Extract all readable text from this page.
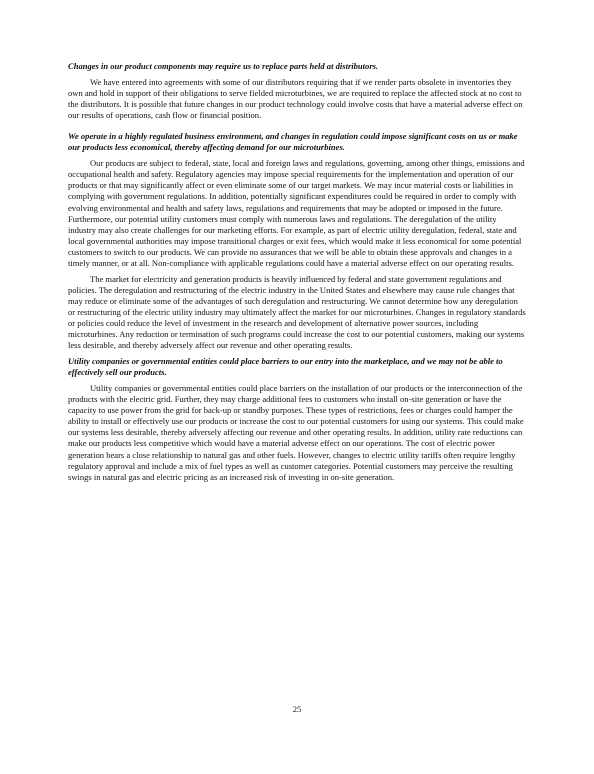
Changes in our product components may require us to replace parts held at distributors.

We have entered into agreements with some of our distributors requiring that if we render parts obsolete in inventories they own and hold in support of their obligations to serve fielded microturbines, we are required to replace the affected stock at no cost to the distributors. It is possible that future changes in our product technology could involve costs that have a material adverse effect on our results of operations, cash flow or financial position.

We operate in a highly regulated business environment, and changes in regulation could impose significant costs on us or make our products less economical, thereby affecting demand for our microturbines.

Our products are subject to federal, state, local and foreign laws and regulations, governing, among other things, emissions and occupational health and safety. Regulatory agencies may impose special requirements for the implementation and operation of our products or that may significantly affect or even eliminate some of our target markets. We may incur material costs or liabilities in complying with government regulations. In addition, potentially significant expenditures could be required in order to comply with evolving environmental and health and safety laws, regulations and requirements that may be adopted or imposed in the future. Furthermore, our potential utility customers must comply with numerous laws and regulations. The deregulation of the utility industry may also create challenges for our marketing efforts. For example, as part of electric utility deregulation, federal, state and local governmental authorities may impose transitional charges or exit fees, which would make it less economical for some potential customers to switch to our products. We can provide no assurances that we will be able to obtain these approvals and changes in a timely manner, or at all. Non-compliance with applicable regulations could have a material adverse effect on our operating results.

The market for electricity and generation products is heavily influenced by federal and state government regulations and policies. The deregulation and restructuring of the electric industry in the United States and elsewhere may cause rule changes that may reduce or eliminate some of the advantages of such deregulation and restructuring. We cannot determine how any deregulation or restructuring of the electric utility industry may ultimately affect the market for our microturbines. Changes in regulatory standards or policies could reduce the level of investment in the research and development of alternative power sources, including microturbines. Any reduction or termination of such programs could increase the cost to our potential customers, making our systems less desirable, and thereby adversely affect our revenue and other operating results.

Utility companies or governmental entities could place barriers to our entry into the marketplace, and we may not be able to effectively sell our products.

Utility companies or governmental entities could place barriers on the installation of our products or the interconnection of the products with the electric grid. Further, they may charge additional fees to customers who install on-site generation or have the capacity to use power from the grid for back-up or standby purposes. These types of restrictions, fees or charges could hamper the ability to install or effectively use our products or increase the cost to our potential customers for using our systems. This could make our systems less desirable, thereby adversely affecting our revenue and other operating results. In addition, utility rate reductions can make our products less competitive which would have a material adverse effect on our operations. The cost of electric power generation bears a close relationship to natural gas and other fuels. However, changes to electric utility tariffs often require lengthy regulatory approval and include a mix of fuel types as well as customer categories. Potential customers may perceive the resulting swings in natural gas and electric pricing as an increased risk of investing in on-site generation.

25
